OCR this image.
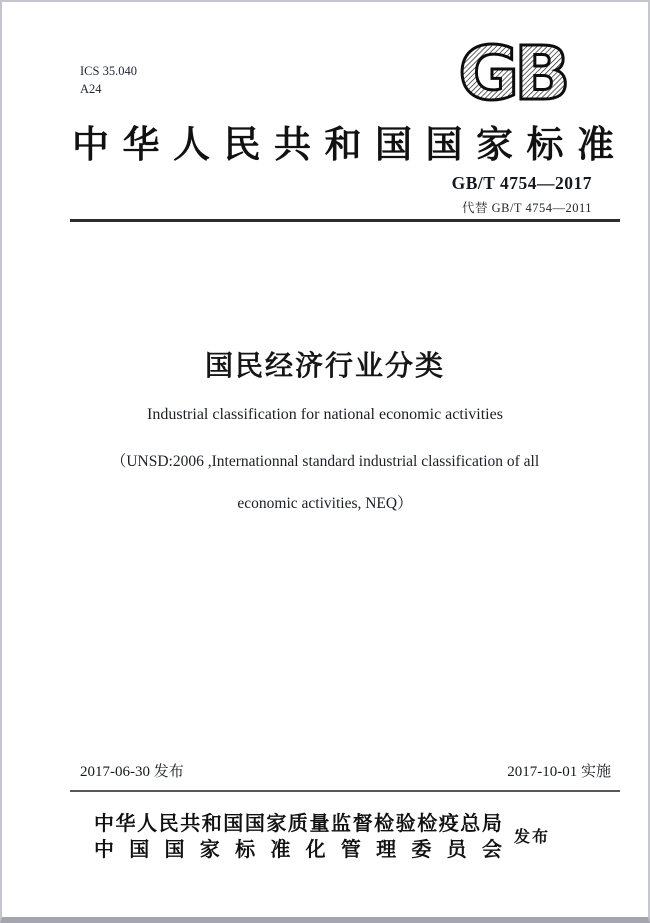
ICS 35.040
A24	GB
中 华 人 民 共 和 国 国 家 标 准
GB/T 4754—2017
代替 GB/T 4754—2011
国民经济行业分类
Industrial classification for national economic activities
（UNSD:2006 ,Internationnal standard industrial classification of all
economic activities, NEQ）
2017-06-30 发布	2017-10-01 实施
中 华 人 民 共 和 国 国 家 质 量 监 督 检 验 检 疫 总 局
中 国 国 家 标 准 化 管 理 委 员 会
发布
